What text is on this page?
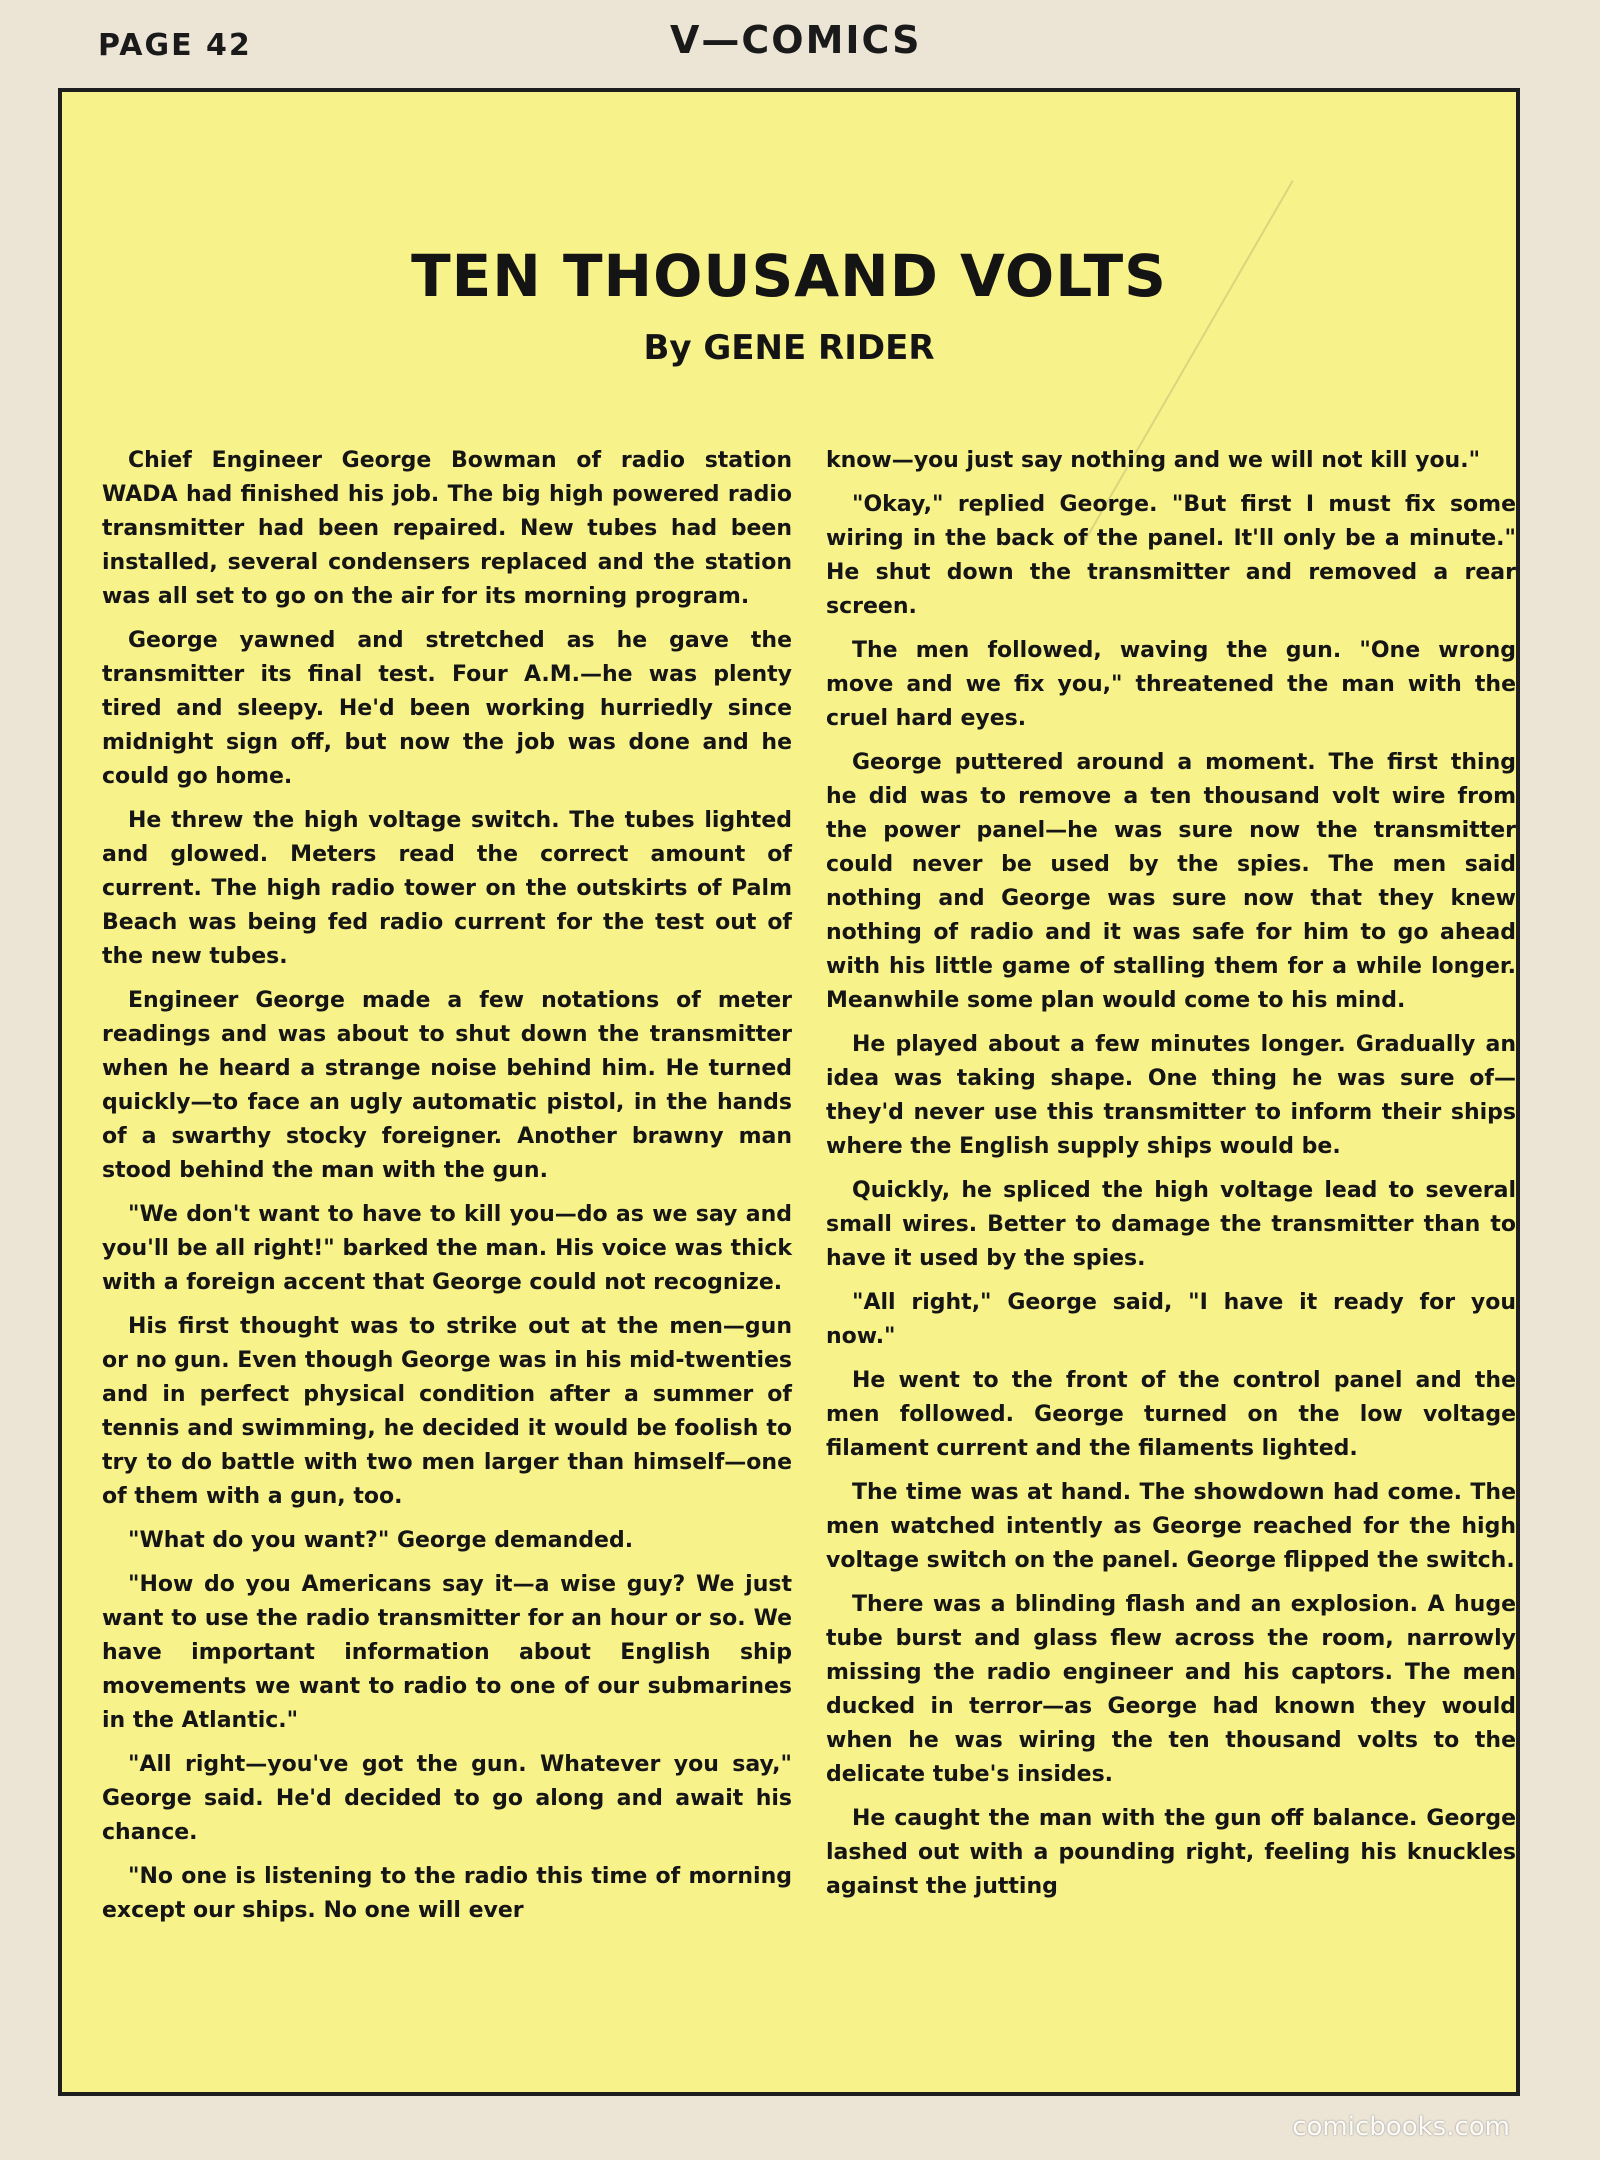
PAGE 42	V—COMICS
TEN THOUSAND VOLTS
By GENE RIDER

Chief Engineer George Bowman of radio station WADA had finished his job. The big high powered radio transmitter had been repaired. New tubes had been installed, several condensers replaced and the station was all set to go on the air for its morning program.

George yawned and stretched as he gave the transmitter its final test. Four A.M.—he was plenty tired and sleepy. He'd been working hurriedly since midnight sign off, but now the job was done and he could go home.

He threw the high voltage switch. The tubes lighted and glowed. Meters read the correct amount of current. The high radio tower on the outskirts of Palm Beach was being fed radio current for the test out of the new tubes.

Engineer George made a few notations of meter readings and was about to shut down the transmitter when he heard a strange noise behind him. He turned quickly—to face an ugly automatic pistol, in the hands of a swarthy stocky foreigner. Another brawny man stood behind the man with the gun.

"We don't want to have to kill you—do as we say and you'll be all right!" barked the man. His voice was thick with a foreign accent that George could not recognize.

His first thought was to strike out at the men—gun or no gun. Even though George was in his mid-twenties and in perfect physical condition after a summer of tennis and swimming, he decided it would be foolish to try to do battle with two men larger than himself—one of them with a gun, too.

"What do you want?" George demanded.

"How do you Americans say it—a wise guy? We just want to use the radio transmitter for an hour or so. We have important information about English ship movements we want to radio to one of our submarines in the Atlantic."

"All right—you've got the gun. Whatever you say," George said. He'd decided to go along and await his chance.

"No one is listening to the radio this time of morning except our ships. No one will ever

know—you just say nothing and we will not kill you."

"Okay," replied George. "But first I must fix some wiring in the back of the panel. It'll only be a minute." He shut down the transmitter and removed a rear screen.

The men followed, waving the gun. "One wrong move and we fix you," threatened the man with the cruel hard eyes.

George puttered around a moment. The first thing he did was to remove a ten thousand volt wire from the power panel—he was sure now the transmitter could never be used by the spies. The men said nothing and George was sure now that they knew nothing of radio and it was safe for him to go ahead with his little game of stalling them for a while longer. Meanwhile some plan would come to his mind.

He played about a few minutes longer. Gradually an idea was taking shape. One thing he was sure of—they'd never use this transmitter to inform their ships where the English supply ships would be.

Quickly, he spliced the high voltage lead to several small wires. Better to damage the transmitter than to have it used by the spies.

"All right," George said, "I have it ready for you now."

He went to the front of the control panel and the men followed. George turned on the low voltage filament current and the filaments lighted.

The time was at hand. The showdown had come. The men watched intently as George reached for the high voltage switch on the panel. George flipped the switch.

There was a blinding flash and an explosion. A huge tube burst and glass flew across the room, narrowly missing the radio engineer and his captors. The men ducked in terror—as George had known they would when he was wiring the ten thousand volts to the delicate tube's insides.

He caught the man with the gun off balance. George lashed out with a pounding right, feeling his knuckles against the jutting

comicbooks.com
